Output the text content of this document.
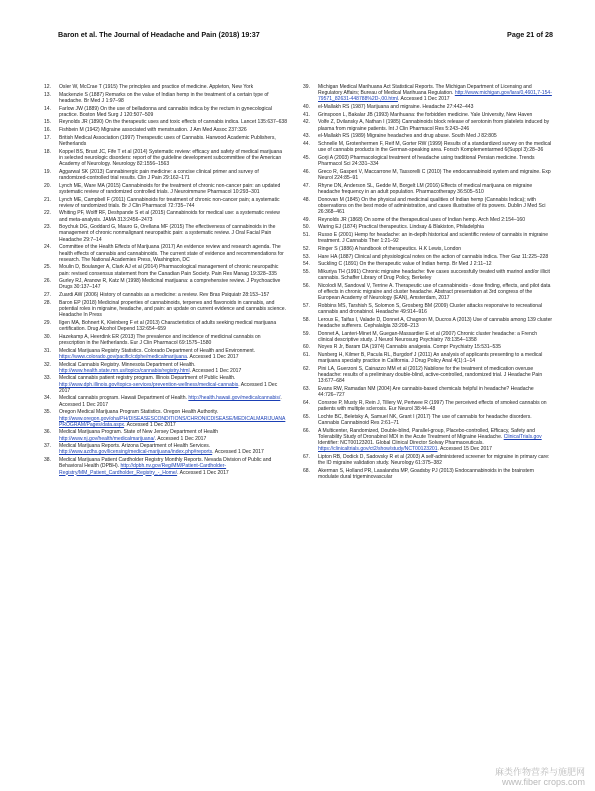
Baron et al. The Journal of Headache and Pain (2018) 19:37	Page 21 of 28
12.	Osler W, McCrae T (1915) The principles and practice of medicine. Appleton, New York
13.	Mackenzie S (1887) Remarks on the value of Indian hemp in the treatment of a certain type of headache. Br Med J 1:97–98
14.	Farlow JW (1889) On the use of belladonna and cannabis indica by the rectum in gynecological practice. Boston Med Surg J 120:507–509
15.	Reynolds JR (1890) On the therapeutic uses and toxic effects of cannabis indica. Lancet 135:637–638
16.	Fishbein M (1942) Migraine associated with menstruation. J Am Med Assoc 237:326
17.	British Medical Association (1997) Therapeutic uses of Cannabis. Harwood Academic Publishers, Netherlands
18.	Koppel BS, Brust JC, Fife T et al (2014) Systematic review: efficacy and safety of medical marijuana in selected neurologic disorders: report of the guideline development subcommittee of the American Academy of Neurology. Neurology 82:1556–1563
19.	Aggarwal SK (2013) Cannabinergic pain medicine: a concise clinical primer and survey of randomized-controlled trial results. Clin J Pain 29:162–171
20.	Lynch ME, Ware MA (2015) Cannabinoids for the treatment of chronic non-cancer pain: an updated systematic review of randomized controlled trials. J Neuroimmune Pharmacol 10:293–301
21.	Lynch ME, Campbell F (2011) Cannabinoids for treatment of chronic non-cancer pain; a systematic review of randomized trials. Br J Clin Pharmacol 72:735–744
22.	Whiting PF, Wolff RF, Deshpande S et al (2015) Cannabinoids for medical use: a systematic review and meta-analysis. JAMA 313:2456–2473
23.	Boychuk DG, Goddard G, Mauro G, Orellana MF (2015) The effectiveness of cannabinoids in the management of chronic nonmalignant neuropathic pain: a systematic review. J Oral Facial Pain Headache 29:7–14
24.	Committee of the Health Effects of Marijuana (2017) An evidence review and research agenda. The health effects of cannabis and cannabinoids. The current state of evidence and recommendations for research. The National Academies Press, Washington, DC
25.	Moulin D, Boulanger A, Clark AJ et al (2014) Pharmacological management of chronic neuropathic pain: revised consensus statement from the Canadian Pain Society. Pain Res Manag 19:328–335
26.	Gurley RJ, Aranow R, Katz M (1998) Medicinal marijuana: a comprehensive review. J Psychoactive Drugs 30:137–147
27.	Zuardi AW (2006) History of cannabis as a medicine: a review. Rev Bras Psiquiatr 28:153–157
28.	Baron EP (2018) Medicinal properties of cannabinoids, terpenes and flavonoids in cannabis, and potential roles in migraine, headache, and pain: an update on current evidence and cannabis science. Headache In Press
29.	Ilgen MA, Bohnert K, Kleinberg F et al (2013) Characteristics of adults seeking medical marijuana certification. Drug Alcohol Depend 132:654–659
30.	Hazekamp A, Heerdink ER (2013) The prevalence and incidence of medicinal cannabis on prescription in the Netherlands. Eur J Clin Pharmacol 69:1575–1580
31.	Medical Marijuana Registry Statistics. Colorado Department of Health and Environment. https://www.colorado.gov/pacific/cdphe/medicalmarijuana. Accessed 1 Dec 2017
32.	Medical Cannabis Registry. Minnesota Department of Health. http://www.health.state.mn.us/topics/cannabis/registry.html. Accessed 1 Dec 2017
33.	Medical cannabis patient registry program. Illinois Department of Public Health. http://www.dph.illinois.gov/topics-services/prevention-wellness/medical-cannabis. Accessed 1 Dec 2017
34.	Medical cannabis program. Hawaii Department of Health. http://health.hawaii.gov/medicalcannabis/. Accessed 1 Dec 2017
35.	Oregon Medical Marijuana Program Statistics. Oregon Health Authority. http://www.oregon.gov/oha/PH/DISEASESCONDITIONS/CHRONICDISEASE/MEDICALMARIJUANAPROGRAM/Pages/data.aspx. Accessed 1 Dec 2017
36.	Medical Marijuana Program. State of New Jersey Department of Health http://www.nj.gov/health/medicalmarijuana/. Accessed 1 Dec 2017
37.	Medical Marijuana Reports. Arizona Department of Health Services. http://www.azdhs.gov/licensing/medical-marijuana/index.php#reports. Accessed 1 Dec 2017
38.	Medical Marijuana Patient Cardholder Registry Monthly Reports. Nevada Division of Public and Behavioral Health (DPBH). http://dpbh.nv.gov/Reg/MM/Patient-Cardholder-Registry/MM_Patient_Cardholder_Registry_-_Home/. Accessed 1 Dec 2017
39.	Michigan Medical Marihuana Act Statistical Reports. The Michigan Department of Licensing and Regulatory Affairs; Bureau of Medical Marihuana Regulation. http://www.michigan.gov/lara/0,4601,7-154-79571_82631-448788%2D-,00.html. Accessed 1 Dec 2017
40.	el-Mallakh RS (1987) Marijuana and migraine. Headache 27:442–443
41.	Grinspoon L, Bakalar JB (1993) Marihuana: the forbidden medicine. Yale University, New Haven
42.	Volfe Z, Dvilansky A, Nathan I (1985) Cannabinoids block release of serotonin from platelets induced by plasma from migraine patients. Int J Clin Pharmacol Res 5:243–246
43.	el-Mallakh RS (1989) Migraine headaches and drug abuse. South Med J 82:805
44.	Schnelle M, Grotenhermen F, Reif M, Gorter RW (1999) Results of a standardized survey on the medical use of cannabis products in the German-speaking area. Forsch Komplementarmed 6(Suppl 3):28–36
45.	Gorji A (2003) Pharmacological treatment of headache using traditional Persian medicine. Trends Pharmacol Sci 24:331–334
46.	Greco R, Gasperi V, Maccarrone M, Tassorelli C (2010) The endocannabinoid system and migraine. Exp Neurol 224:85–91
47.	Rhyne DN, Anderson SL, Gedde M, Borgelt LM (2016) Effects of medical marijuana on migraine headache frequency in an adult population. Pharmacotherapy 36:505–510
48.	Donovan M (1845) On the physical and medicinal qualities of Indian hemp (Cannabis Indica); with observations on the best mode of administration, and cases illustrative of its powers. Dublin J Med Sci 26:368–461
49.	Reynolds JR (1868) On some of the therapeutical uses of Indian hemp. Arch Med 2:154–160
50.	Waring EJ (1874) Practical therapeutics. Lindsay & Blakiston, Philadelphia
51.	Russo E (2001) Hemp for headache: an in-depth historical and scientific review of cannabis in migraine treatment. J Cannabis Ther 1:21–92
52.	Ringer S (1886) A handbook of therapeutics. H.K Lewis, London
53.	Hare HA (1887) Clinical and physiological notes on the action of cannabis indica. Ther Gaz 11:225–228
54.	Suckling C (1891) On the therapeutic value of Indian hemp. Br Med J 2:11–12
55.	Mikuriya TH (1991) Chronic migraine headache: five cases successfully treated with marinol and/or illicit cannabis. Schaffer Library of Drug Policy, Berkeley
56.	Nicolodi M, Sandoval V, Terrine A. Therapeutic use of cannabinoids - dose finding, effects, and pilot data of effects in chronic migraine and cluster headache. Abstract presentation at 3rd congress of the European Academy of Neurology (EAN), Amsterdam, 2017
57.	Robbins MS, Tarshish S, Solomon S, Grosberg BM (2009) Cluster attacks responsive to recreational cannabis and dronabinol. Headache 49:914–916
58.	Leroux E, Taifas I, Valade D, Donnet A, Chagnon M, Ducros A (2013) Use of cannabis among 139 cluster headache sufferers. Cephalalgia 33:208–213
59.	Donnet A, Lanteri-Minet M, Guegan-Massardier E et al (2007) Chronic cluster headache: a French clinical descriptive study. J Neurol Neurosurg Psychiatry 78:1354–1358
60.	Noyes R Jr, Baram DA (1974) Cannabis analgesia. Compr Psychiatry 15:531–535
61.	Nunberg H, Kilmer B, Pacula RL, Burgdorf J (2011) An analysis of applicants presenting to a medical marijuana specialty practice in California. J Drug Policy Anal 4(1):1–14
62.	Pini LA, Guerzoni S, Cainazzo MM et al (2012) Nabilone for the treatment of medication overuse headache: results of a preliminary double-blind, active-controlled, randomized trial. J Headache Pain 13:677–684
63.	Evans RW, Ramadan NM (2004) Are cannabis-based chemicals helpful in headache? Headache 44:726–727
64.	Consroe P, Musty R, Rein J, Tillery W, Pertwee R (1997) The perceived effects of smoked cannabis on patients with multiple sclerosis. Eur Neurol 38:44–48
65.	Lochte BC, Beletsky A, Samuel NK, Grant I (2017) The use of cannabis for headache disorders. Cannabis Cannabinoid Res 2:61–71
66.	A Multicenter, Randomized, Double-blind, Parallel-group, Placebo-controlled, Efficacy, Safety and Tolerability Study of Dronabinol MDI in the Acute Treatment of Migraine Headache. ClinicalTrials.gov Identifier: NCT00123201. Global Clinical Director Solvay Pharmaceuticals. https://clinicaltrials.gov/ct2/show/study/NCT00123201. Accessed 15 Dec 2017
67.	Lipton RB, Dodick D, Sadovsky R et al (2003) A self-administered screener for migraine in primary care: the ID migraine validation study. Neurology 61:375–382
68.	Akerman S, Holland PR, Lasalandra MP, Goadsby PJ (2013) Endocannabinoids in the brainstem modulate dural trigeminovascular
麻类作物营养与施肥网
www.fiber crops.com
